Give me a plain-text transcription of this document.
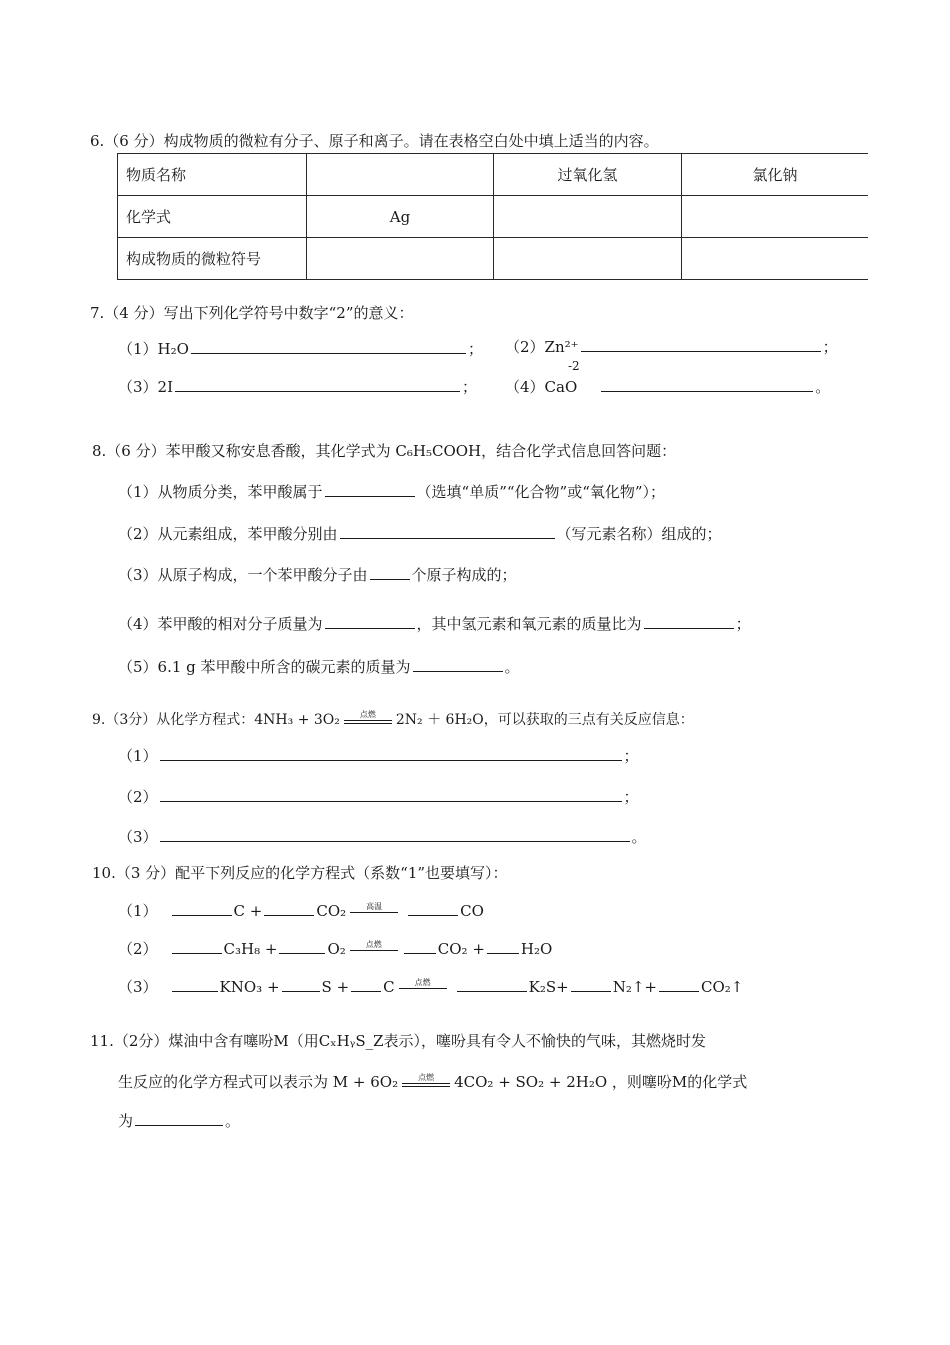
6.（6 分）构成物质的微粒有分子、原子和离子。请在表格空白处中填上适当的内容。
物质名称		过氧化氢	氯化钠
化学式	Ag		
构成物质的微粒符号			
7.（4 分）写出下列化学符号中数字“2”的意义：
（1）H₂O	； （2）Zn²⁺	；
（3）2I	； （4）CaO	。
-2
8.（6 分）苯甲酸又称安息香酸，其化学式为 C₆H₅COOH，结合化学式信息回答问题：
（1）从物质分类，苯甲酸属于	（选填“单质”“化合物”或“氧化物”）；
（2）从元素组成，苯甲酸分别由	（写元素名称）组成的；
（3）从原子构成，一个苯甲酸分子由	个原子构成的；
（4）苯甲酸的相对分子质量为	，其中氢元素和氧元素的质量比为	；
（5）6.1 g 苯甲酸中所含的碳元素的质量为	。
9.（3分）从化学方程式：4NH₃ + 3O₂	点燃	2N₂ ＋ 6H₂O，可以获取的三点有关反应信息：
（1）	；
（2）	；
（3）	。
10.（3 分）配平下列反应的化学方程式（系数“1”也要填写）：
（1）	C +	CO₂	高温	CO
（2）	C₃H₈ +	O₂	点燃	CO₂ + H₂O
（3）	KNO₃ +	S + C	点燃	K₂S+	N₂↑+	CO₂↑
11.（2分）煤油中含有噻吩M（用CₓHᵧS_Z表示），噻吩具有令人不愉快的气味，其燃烧时发
生反应的化学方程式可以表示为 M + 6O₂	点燃	4CO₂ + SO₂ + 2H₂O ，则噻吩M的化学式
为	。
